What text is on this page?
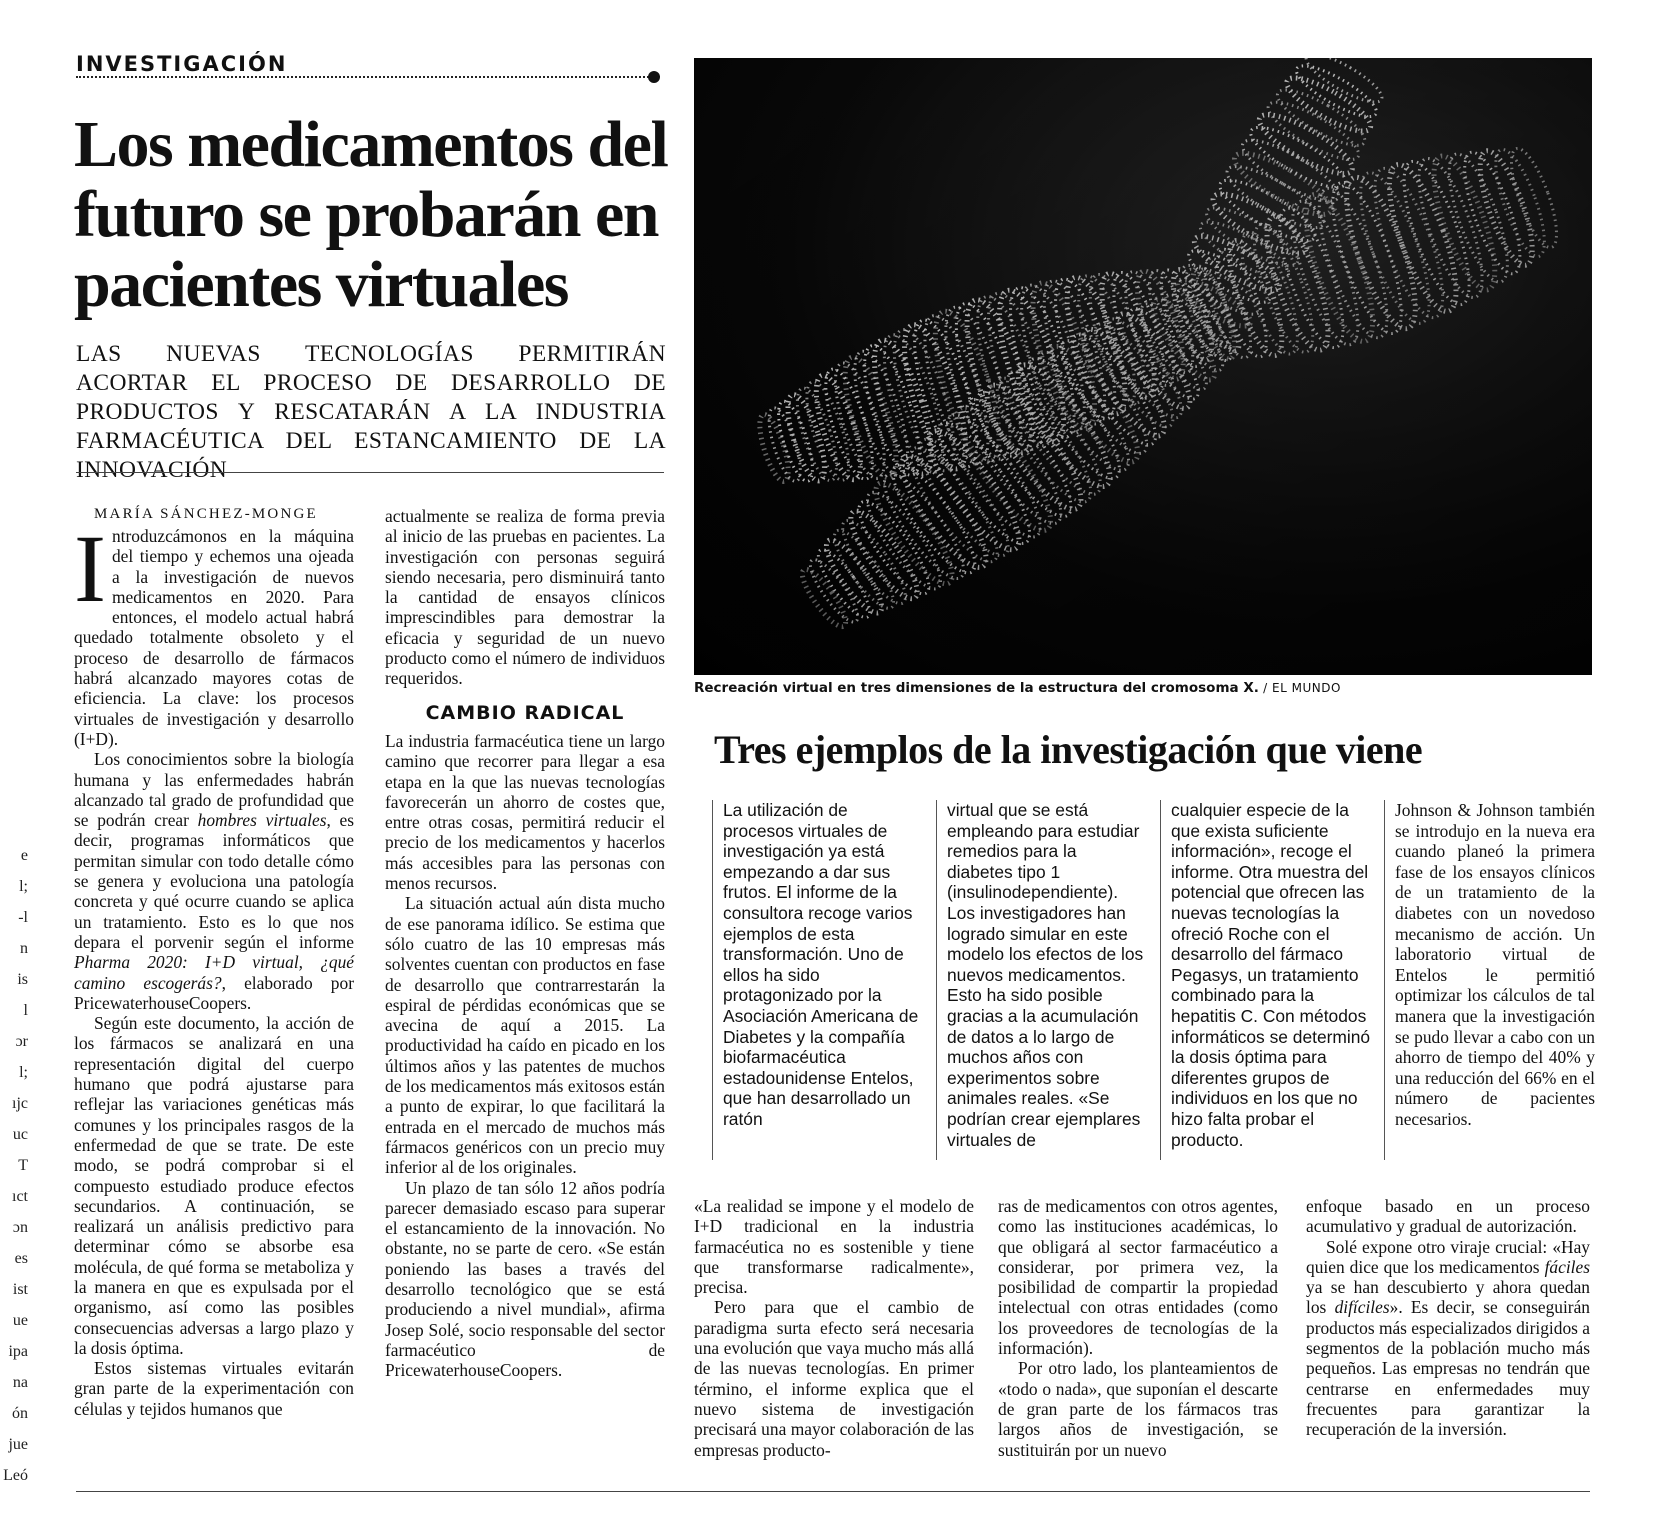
e
l;
-l
n
is
l
ɔr
l;
ıjc
uc
T
ıct
ɔn
es
ist
ue
ipa
na
ón
jue
Leó
INVESTIGACIÓN
Los medicamentos del futuro se probarán en pacientes virtuales
LAS NUEVAS TECNOLOGÍAS PERMITIRÁN ACORTAR EL PROCESO DE DESARROLLO DE PRODUCTOS Y RESCATARÁN A LA INDUSTRIA FARMACÉUTICA DEL ESTANCAMIENTO DE LA INNOVACIÓN
MARÍA SÁNCHEZ-MONGE

Introduzcámonos en la máquina del tiempo y echemos una ojeada a la investigación de nuevos medicamentos en 2020. Para entonces, el modelo actual habrá quedado totalmente obsoleto y el proceso de desarrollo de fármacos habrá alcanzado mayores cotas de eficiencia. La clave: los procesos virtuales de investigación y desarrollo (I+D).

Los conocimientos sobre la biología humana y las enfermedades habrán alcanzado tal grado de profundidad que se podrán crear hombres virtuales, es decir, programas informáticos que permitan simular con todo detalle cómo se genera y evoluciona una patología concreta y qué ocurre cuando se aplica un tratamiento. Esto es lo que nos depara el porvenir según el informe Pharma 2020: I+D virtual, ¿qué camino escogerás?, elaborado por PricewaterhouseCoopers.

Según este documento, la acción de los fármacos se analizará en una representación digital del cuerpo humano que podrá ajustarse para reflejar las variaciones genéticas más comunes y los principales rasgos de la enfermedad de que se trate. De este modo, se podrá comprobar si el compuesto estudiado produce efectos secundarios. A continuación, se realizará un análisis predictivo para determinar cómo se absorbe esa molécula, de qué forma se metaboliza y la manera en que es expulsada por el organismo, así como las posibles consecuencias adversas a largo plazo y la dosis óptima.

Estos sistemas virtuales evitarán gran parte de la experimentación con células y tejidos humanos que

actualmente se realiza de forma previa al inicio de las pruebas en pacientes. La investigación con personas seguirá siendo necesaria, pero disminuirá tanto la cantidad de ensayos clínicos imprescindibles para demostrar la eficacia y seguridad de un nuevo producto como el número de individuos requeridos.

CAMBIO RADICAL

La industria farmacéutica tiene un largo camino que recorrer para llegar a esa etapa en la que las nuevas tecnologías favorecerán un ahorro de costes que, entre otras cosas, permitirá reducir el precio de los medicamentos y hacerlos más accesibles para las personas con menos recursos.

La situación actual aún dista mucho de ese panorama idílico. Se estima que sólo cuatro de las 10 empresas más solventes cuentan con productos en fase de desarrollo que contrarrestarán la espiral de pérdidas económicas que se avecina de aquí a 2015. La productividad ha caído en picado en los últimos años y las patentes de muchos de los medicamentos más exitosos están a punto de expirar, lo que facilitará la entrada en el mercado de muchos más fármacos genéricos con un precio muy inferior al de los originales.

Un plazo de tan sólo 12 años podría parecer demasiado escaso para superar el estancamiento de la innovación. No obstante, no se parte de cero. «Se están poniendo las bases a través del desarrollo tecnológico que se está produciendo a nivel mundial», afirma Josep Solé, socio responsable del sector farmacéutico de PricewaterhouseCoopers.

Recreación virtual en tres dimensiones de la estructura del cromosoma X. / EL MUNDO
Tres ejemplos de la investigación que viene

La utilización de procesos virtuales de investigación ya está empezando a dar sus frutos. El informe de la consultora recoge varios ejemplos de esta transformación. Uno de ellos ha sido protagonizado por la Asociación Americana de Diabetes y la compañía biofarmacéutica estadounidense Entelos, que han desarrollado un ratón

virtual que se está empleando para estudiar remedios para la diabetes tipo 1 (insulinodependiente). Los investigadores han logrado simular en este modelo los efectos de los nuevos medicamentos. Esto ha sido posible gracias a la acumulación de datos a lo largo de muchos años con experimentos sobre animales reales. «Se podrían crear ejemplares virtuales de

cualquier especie de la que exista suficiente información», recoge el informe. Otra muestra del potencial que ofrecen las nuevas tecnologías la ofreció Roche con el desarrollo del fármaco Pegasys, un tratamiento combinado para la hepatitis C. Con métodos informáticos se determinó la dosis óptima para diferentes grupos de individuos en los que no hizo falta probar el producto.

Johnson & Johnson también se introdujo en la nueva era cuando planeó la primera fase de los ensayos clínicos de un tratamiento de la diabetes con un novedoso mecanismo de acción. Un laboratorio virtual de Entelos le permitió optimizar los cálculos de tal manera que la investigación se pudo llevar a cabo con un ahorro de tiempo del 40% y una reducción del 66% en el número de pacientes necesarios.

«La realidad se impone y el modelo de I+D tradicional en la industria farmacéutica no es sostenible y tiene que transformarse radicalmente», precisa.

Pero para que el cambio de paradigma surta efecto será necesaria una evolución que vaya mucho más allá de las nuevas tecnologías. En primer término, el informe explica que el nuevo sistema de investigación precisará una mayor colaboración de las empresas producto-

ras de medicamentos con otros agentes, como las instituciones académicas, lo que obligará al sector farmacéutico a considerar, por primera vez, la posibilidad de compartir la propiedad intelectual con otras entidades (como los proveedores de tecnologías de la información).

Por otro lado, los planteamientos de «todo o nada», que suponían el descarte de gran parte de los fármacos tras largos años de investigación, se sustituirán por un nuevo

enfoque basado en un proceso acumulativo y gradual de autorización.

Solé expone otro viraje crucial: «Hay quien dice que los medicamentos fáciles ya se han descubierto y ahora quedan los difíciles». Es decir, se conseguirán productos más especializados dirigidos a segmentos de la población mucho más pequeños. Las empresas no tendrán que centrarse en enfermedades muy frecuentes para garantizar la recuperación de la inversión.
